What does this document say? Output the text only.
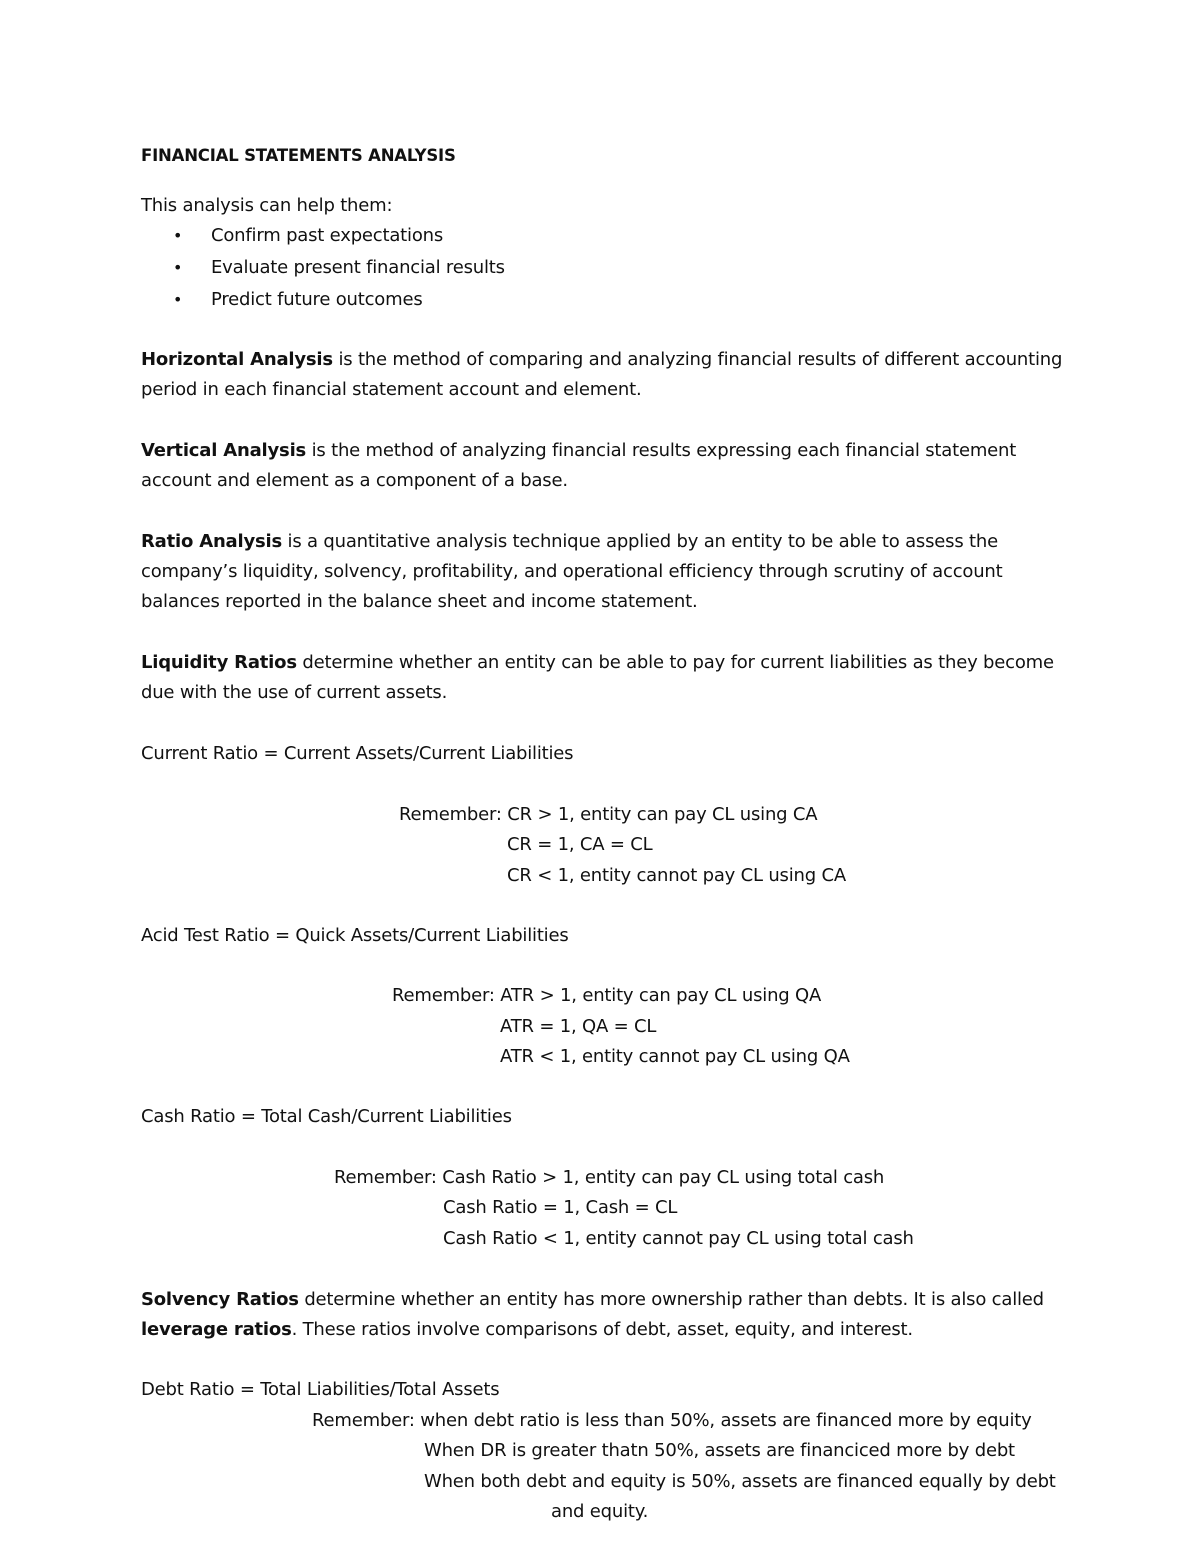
FINANCIAL STATEMENTS ANALYSIS
This analysis can help them:
• Confirm past expectations
• Evaluate present financial results
• Predict future outcomes
Horizontal Analysis is the method of comparing and analyzing financial results of different accounting
period in each financial statement account and element.
Vertical Analysis is the method of analyzing financial results expressing each financial statement
account and element as a component of a base.
Ratio Analysis is a quantitative analysis technique applied by an entity to be able to assess the
company’s liquidity, solvency, profitability, and operational efficiency through scrutiny of account
balances reported in the balance sheet and income statement.
Liquidity Ratios determine whether an entity can be able to pay for current liabilities as they become
due with the use of current assets.
Current Ratio = Current Assets/Current Liabilities
Remember: CR > 1, entity can pay CL using CA
CR = 1, CA = CL
CR < 1, entity cannot pay CL using CA
Acid Test Ratio = Quick Assets/Current Liabilities
Remember: ATR > 1, entity can pay CL using QA
ATR = 1, QA = CL
ATR < 1, entity cannot pay CL using QA
Cash Ratio = Total Cash/Current Liabilities
Remember: Cash Ratio > 1, entity can pay CL using total cash
Cash Ratio = 1, Cash = CL
Cash Ratio < 1, entity cannot pay CL using total cash
Solvency Ratios determine whether an entity has more ownership rather than debts. It is also called
leverage ratios. These ratios involve comparisons of debt, asset, equity, and interest.
Debt Ratio = Total Liabilities/Total Assets
Remember: when debt ratio is less than 50%, assets are financed more by equity
When DR is greater thatn 50%, assets are financiced more by debt
When both debt and equity is 50%, assets are financed equally by debt
and equity.
